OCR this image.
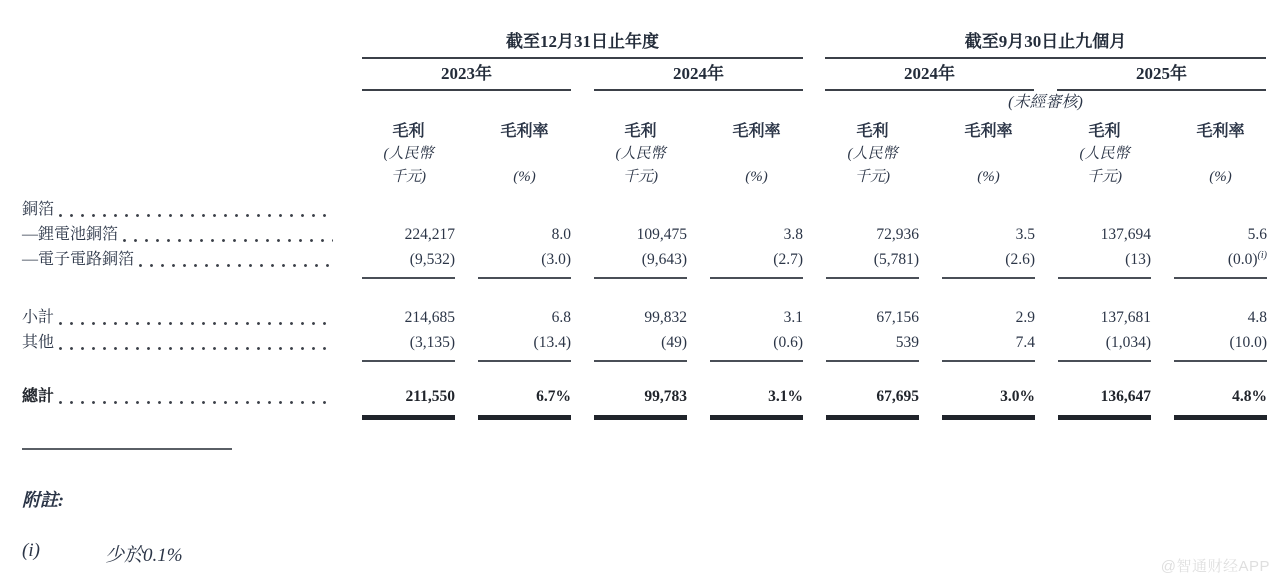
截至12月31日止年度
2023年	2024年
截至9月30日止九個月
2024年	2025年
(未經審核)
毛利
(人民幣
千元)
毛利率
(%)
毛利
(人民幣
千元)
毛利率
(%)
毛利
(人民幣
千元)
毛利率
(%)
毛利
(人民幣
千元)
毛利率
(%)
銅箔
—鋰電池銅箔	224,217	8.0	109,475	3.8	72,936	3.5	137,694	5.6
—電子電路銅箔	(9,532)	(3.0)	(9,643)	(2.7)	(5,781)	(2.6)	(13)	(0.0)$^{(i)}$
小計	214,685	6.8	99,832	3.1	67,156	2.9	137,681	4.8
其他	(3,135)	(13.4)	(49)	(0.6)	539	7.4	(1,034)	(10.0)
總計	211,550	6.7%	99,783	3.1%	67,695	3.0%	136,647	4.8%
附註:
(i)	少於0.1%
@智通财经APP
